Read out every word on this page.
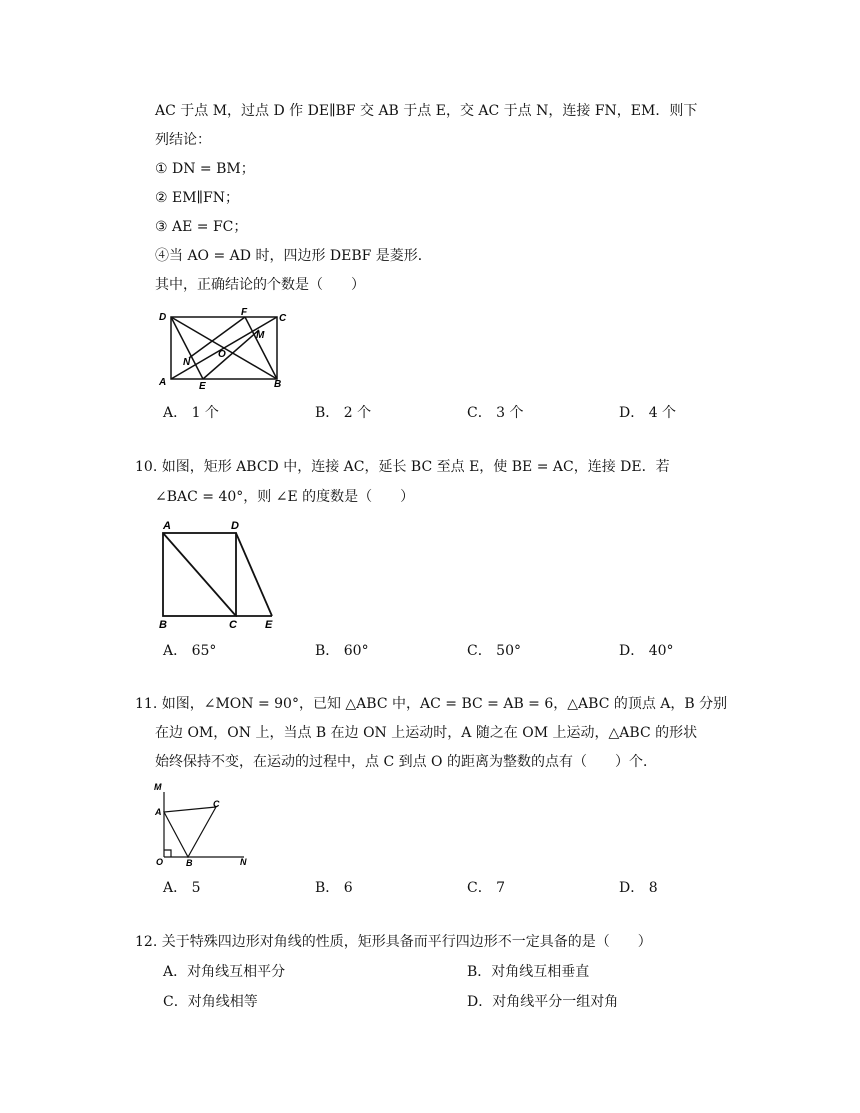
AC 于点 M，过点 D 作 DE∥BF 交 AB 于点 E，交 AC 于点 N，连接 FN，EM．则下
列结论：
① DN = BM；
② EM∥FN；
③ AE = FC；
④当 AO = AD 时，四边形 DEBF 是菱形．
其中，正确结论的个数是（　　）
D	F
C
M
N
O
A	E	B
A． 1 个	B． 2 个	C． 3 个	D． 4 个
10. 如图，矩形 ABCD 中，连接 AC，延长 BC 至点 E，使 BE = AC，连接 DE．若
∠BAC = 40°，则 ∠E 的度数是（　　）
A	D
B	C	E
A． 65°	B． 60°	C． 50°	D． 40°
11. 如图，∠MON = 90°，已知 △ABC 中，AC = BC = AB = 6，△ABC 的顶点 A，B 分别
在边 OM，ON 上，当点 B 在边 ON 上运动时，A 随之在 OM 上运动，△ABC 的形状
始终保持不变，在运动的过程中，点 C 到点 O 的距离为整数的点有（　　）个．
M
A
C
O	B	N
A． 5	B． 6	C． 7	D． 8
12. 关于特殊四边形对角线的性质，矩形具备而平行四边形不一定具备的是（　　）
A．对角线互相平分	B．对角线互相垂直
C．对角线相等	D．对角线平分一组对角
